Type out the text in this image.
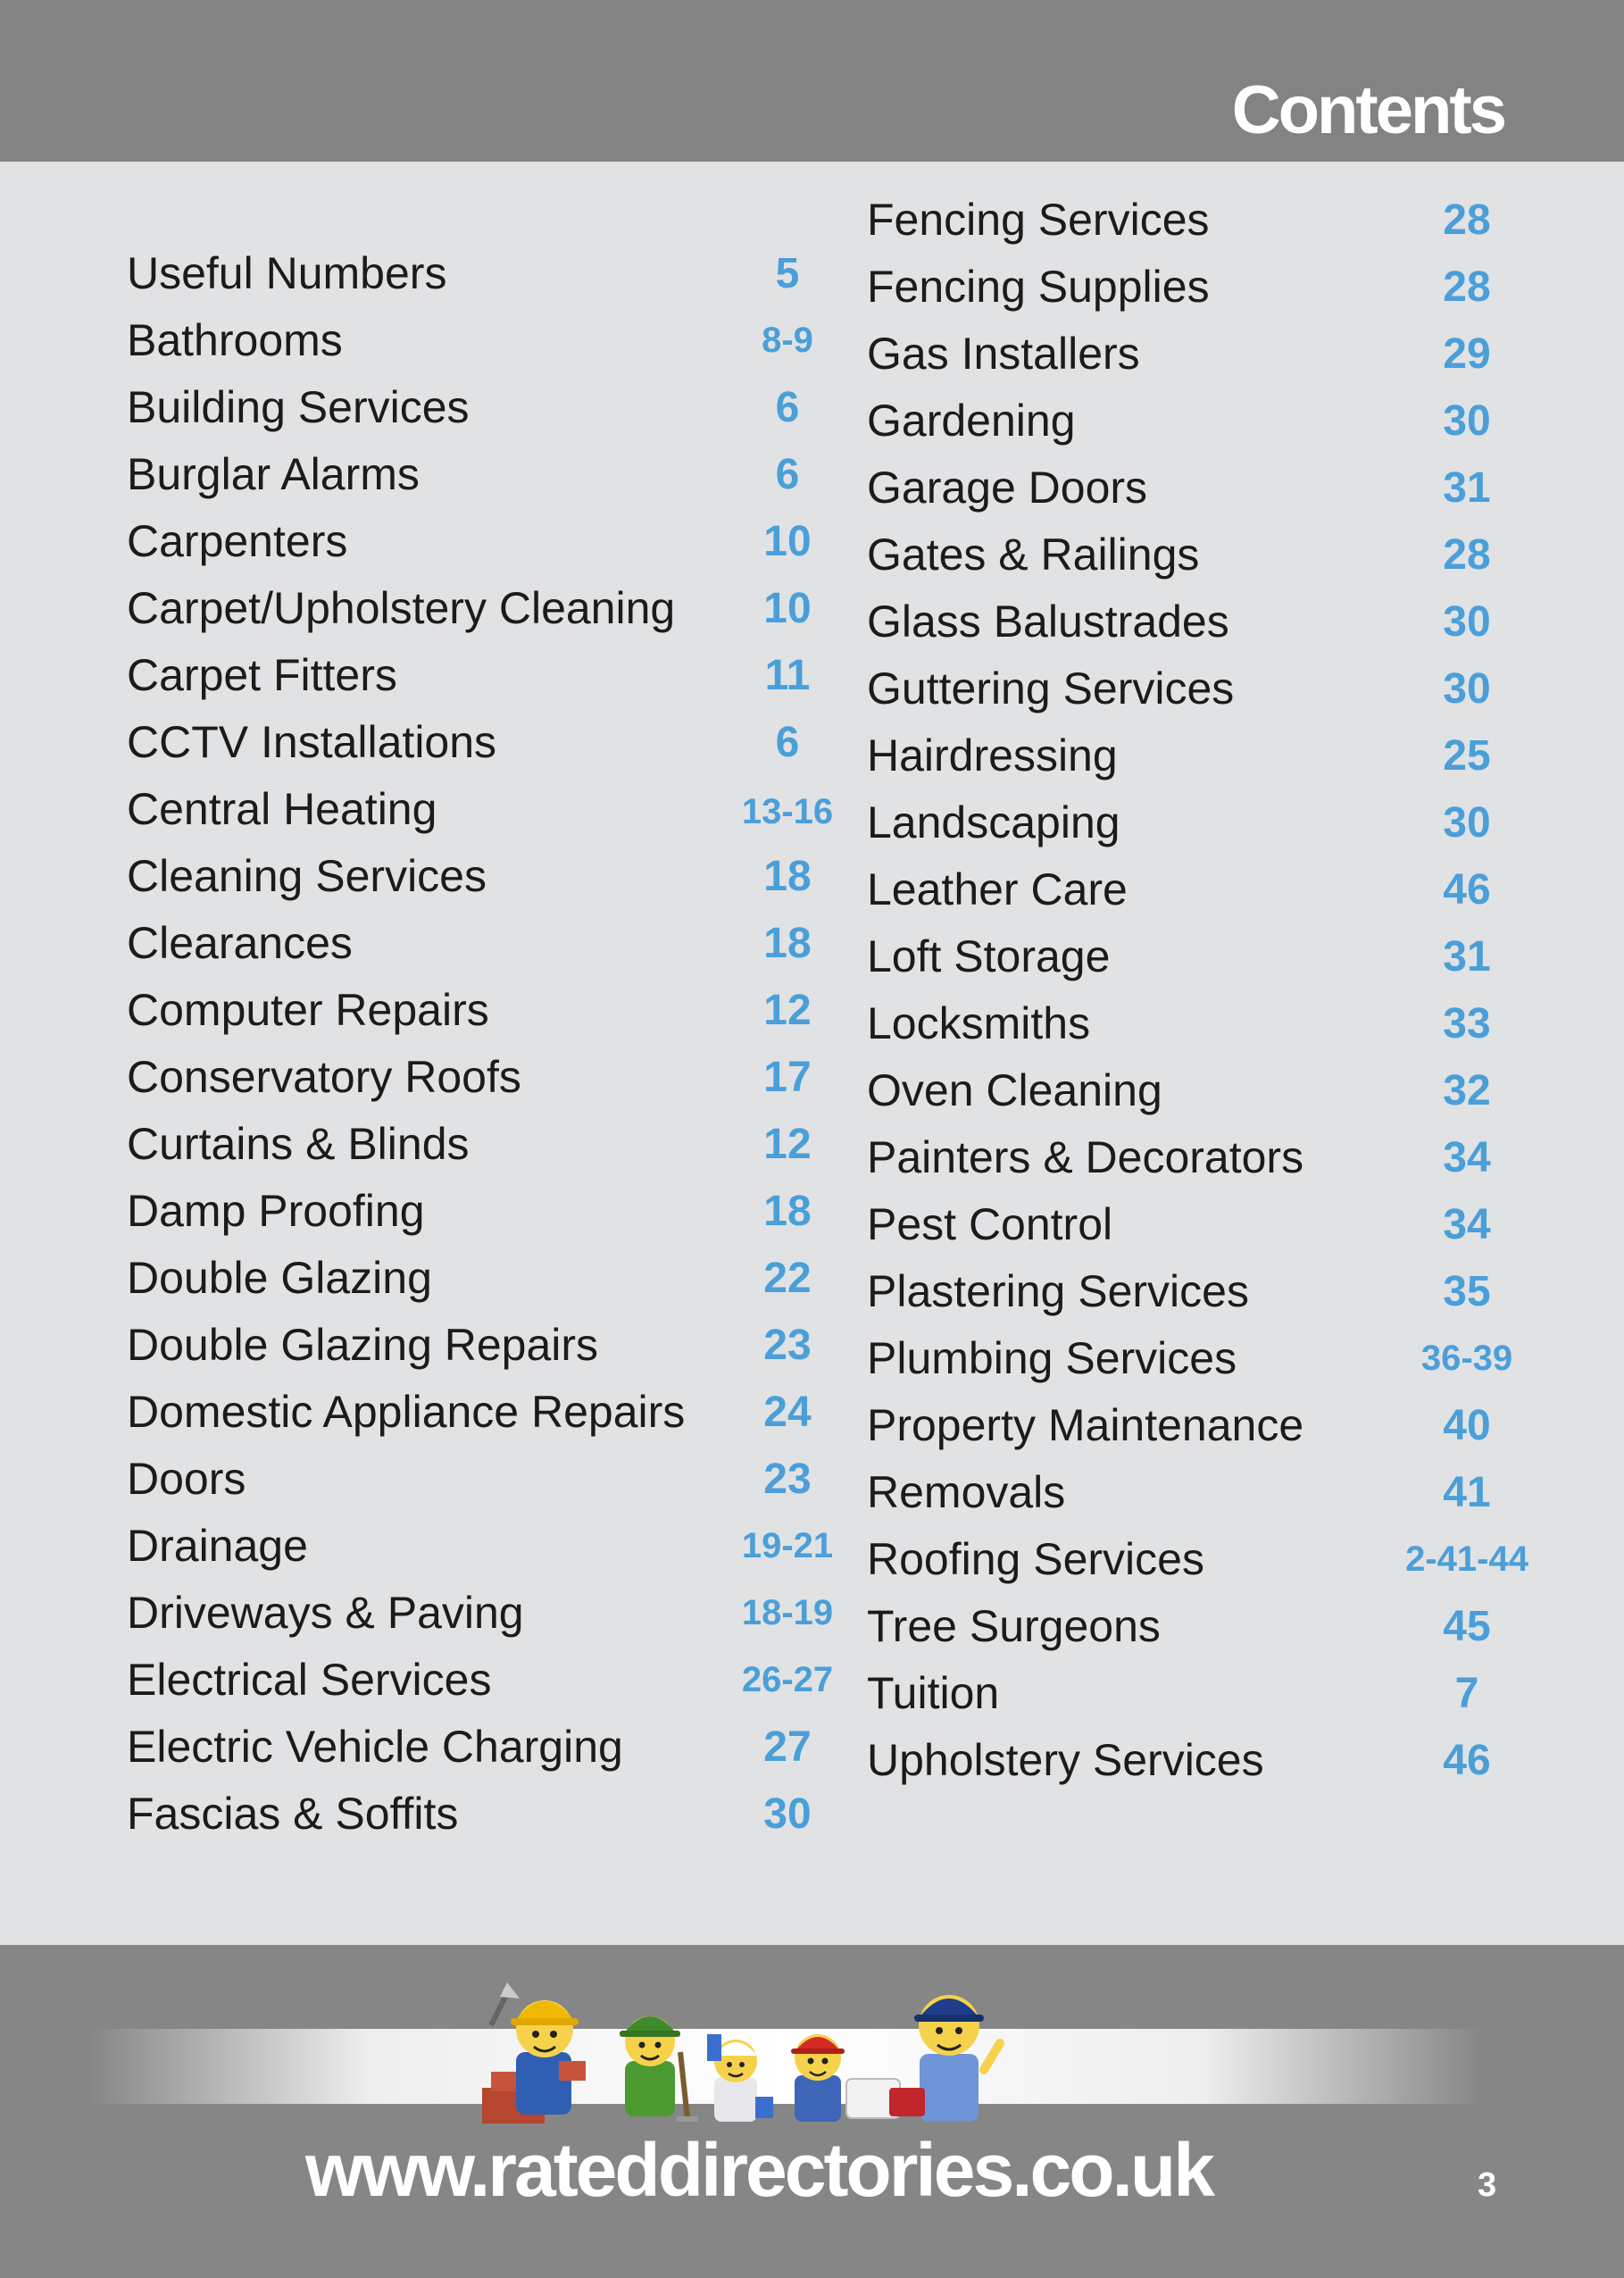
Contents
Useful Numbers	5
Bathrooms	8-9
Building Services	6
Burglar Alarms	6
Carpenters	10
Carpet/Upholstery Cleaning	10
Carpet Fitters	11
CCTV Installations	6
Central Heating	13-16
Cleaning Services	18
Clearances	18
Computer Repairs	12
Conservatory Roofs	17
Curtains & Blinds	12
Damp Proofing	18
Double Glazing	22
Double Glazing Repairs	23
Domestic Appliance Repairs	24
Doors	23
Drainage	19-21
Driveways & Paving	18-19
Electrical Services	26-27
Electric Vehicle Charging	27
Fascias & Soffits	30
Fencing Services	28
Fencing Supplies	28
Gas Installers	29
Gardening	30
Garage Doors	31
Gates & Railings	28
Glass Balustrades	30
Guttering Services	30
Hairdressing	25
Landscaping	30
Leather Care	46
Loft Storage	31
Locksmiths	33
Oven Cleaning	32
Painters & Decorators	34
Pest Control	34
Plastering Services	35
Plumbing Services	36-39
Property Maintenance	40
Removals	41
Roofing Services	2-41-44
Tree Surgeons	45
Tuition	7
Upholstery Services	46
www.rateddirectories.co.uk	3
